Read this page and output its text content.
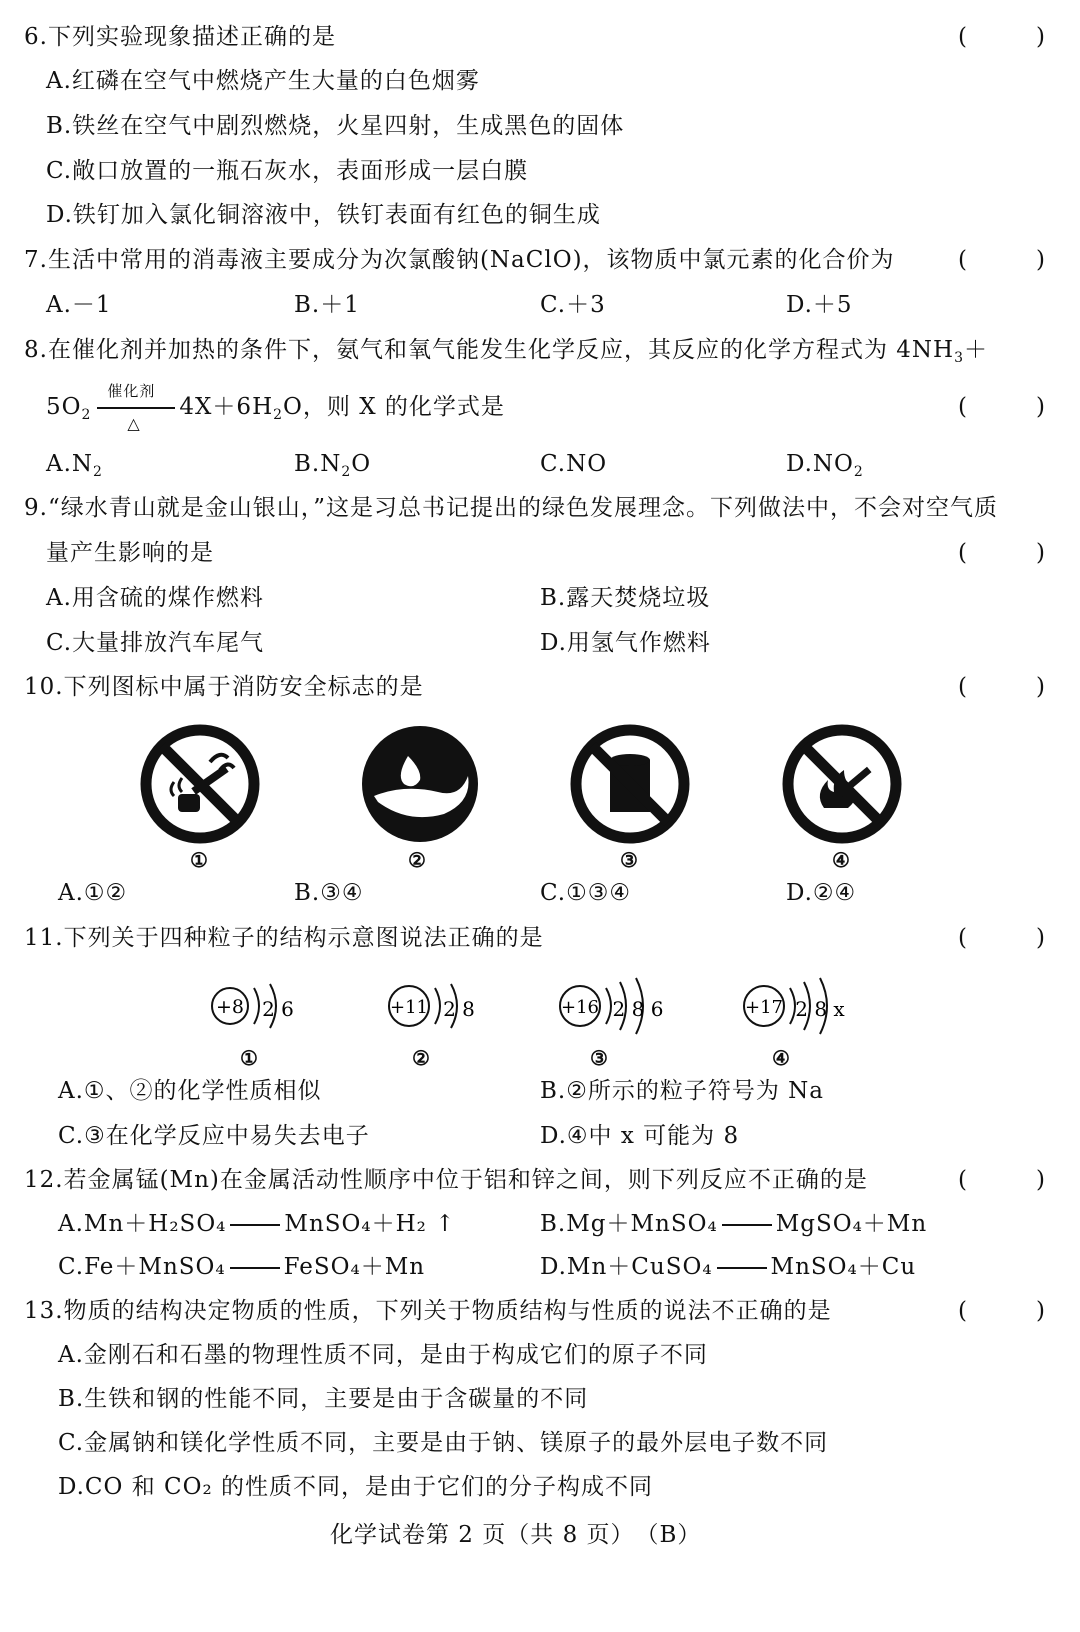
6.下列实验现象描述正确的是	(　　　)
A.红磷在空气中燃烧产生大量的白色烟雾
B.铁丝在空气中剧烈燃烧，火星四射，生成黑色的固体
C.敞口放置的一瓶石灰水，表面形成一层白膜
D.铁钉加入氯化铜溶液中，铁钉表面有红色的铜生成
7.生活中常用的消毒液主要成分为次氯酸钠(NaClO)，该物质中氯元素的化合价为	(　　　)
A.－1	B.＋1	C.＋3	D.＋5
8.在催化剂并加热的条件下，氨气和氧气能发生化学反应，其反应的化学方程式为 $4NH_3+$
$5O_2 \frac{\text{催化剂}}{\triangle} 4X+6H_2O$，则 X 的化学式是	(　　　)
$A.N_2$	$B.N_2O$	C.NO	$D.NO_2$
9.“绿水青山就是金山银山，”这是习总书记提出的绿色发展理念。下列做法中，不会对空气质
量产生影响的是	(　　　)
A.用含硫的煤作燃料	B.露天焚烧垃圾
C.大量排放汽车尾气	D.用氢气作燃料
10.下列图标中属于消防安全标志的是	(　　　)
①	②	③	④
A.①②	B.③④	C.①③④	D.②④
11.下列关于四种粒子的结构示意图说法正确的是	(　　　)
+8 2 6
①
+11 2 8
②
+16 2 8 6
③
+17 2 8 x
④
A.①、②的化学性质相似	B.②所示的粒子符号为 Na
C.③在化学反应中易失去电子	D.④中 x 可能为 8
12.若金属锰(Mn)在金属活动性顺序中位于铝和锌之间，则下列反应不正确的是	(　　　)
A.Mn＋H₂SO₄	MnSO₄＋H₂ ↑	B.Mg＋MnSO₄	MgSO₄＋Mn
C.Fe＋MnSO₄	FeSO₄＋Mn	D.Mn＋CuSO₄	MnSO₄＋Cu
13.物质的结构决定物质的性质，下列关于物质结构与性质的说法不正确的是	(　　　)
A.金刚石和石墨的物理性质不同，是由于构成它们的原子不同
B.生铁和钢的性能不同，主要是由于含碳量的不同
C.金属钠和镁化学性质不同，主要是由于钠、镁原子的最外层电子数不同
D.CO 和 CO₂ 的性质不同，是由于它们的分子构成不同
化学试卷第 2 页（共 8 页）　（B）
